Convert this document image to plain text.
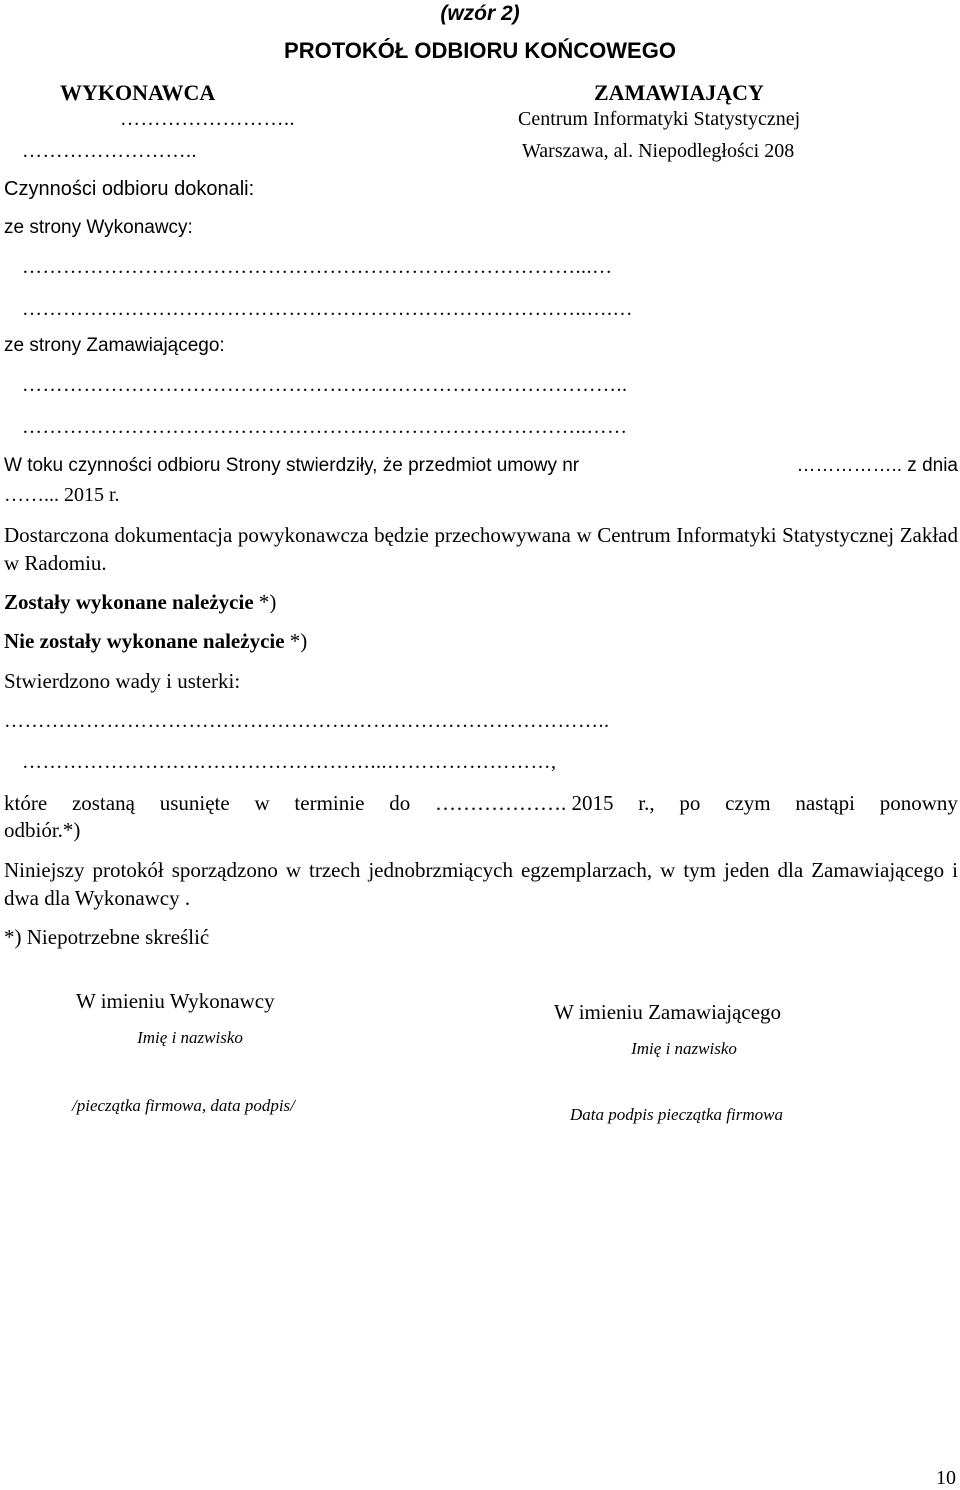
(wzór 2)
PROTOKÓŁ ODBIORU KOŃCOWEGO
WYKONAWCA
……………………..
……………………..
ZAMAWIAJĄCY
Centrum Informatyki Statystycznej
Warszawa, al. Niepodległości 208
Czynności odbioru dokonali:
ze strony Wykonawcy:
………………………………………………………………………...…
………………………………………………………………………..….…
ze strony Zamawiającego:
……………………………………………………………………………..
………………………………………………………………………..……
W toku czynności odbioru Strony stwierdziły, że przedmiot umowy nr	…………….. z dnia
……... 2015 r.
Dostarczona dokumentacja powykonawcza będzie przechowywana w Centrum Informatyki Statystycznej Zakład w Radomiu.
Zostały wykonane należycie *)
Nie zostały wykonane należycie *)
Stwierdzono wady i usterki:
……………………………………………………………………………..
……………………………………………...……………………,
które zostaną usunięte w terminie do ………………. 2015 r., po czym nastąpi ponowny
odbiór.*)
Niniejszy protokół sporządzono w trzech jednobrzmiących egzemplarzach, w tym jeden dla Zamawiającego i dwa dla Wykonawcy .
*) Niepotrzebne skreślić
W imieniu Wykonawcy
Imię i nazwisko
/pieczątka firmowa, data podpis/
W imieniu Zamawiającego
Imię i nazwisko
Data podpis pieczątka firmowa
10
